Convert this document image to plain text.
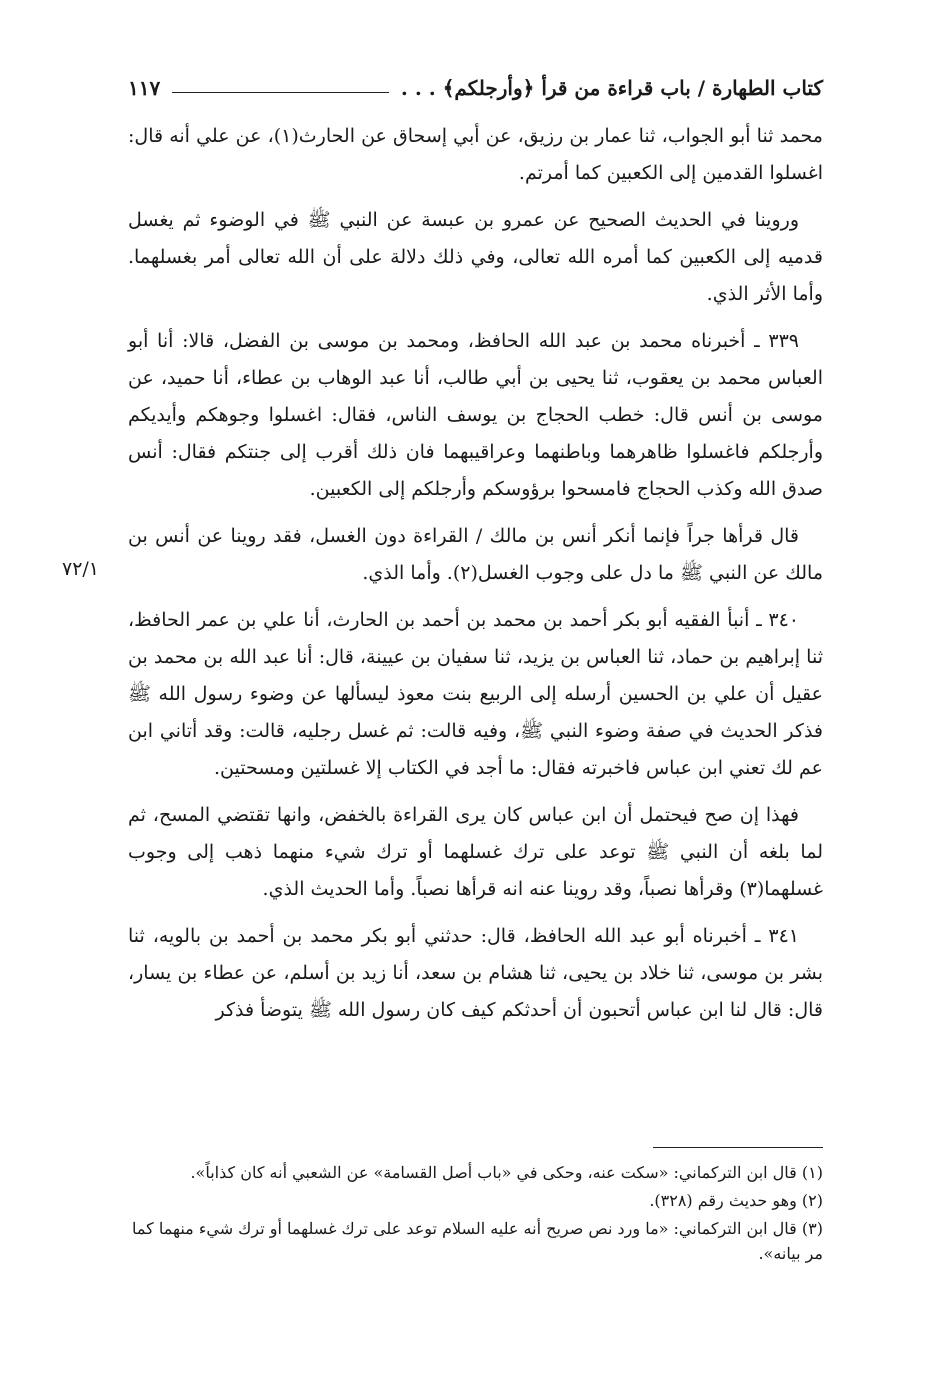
كتاب الطهارة / باب قراءة من قرأ ﴿وأرجلكم﴾ . . .
١١٧

محمد ثنا أبو الجواب، ثنا عمار بن رزيق، عن أبي إسحاق عن الحارث(١)، عن علي أنه قال: اغسلوا القدمين إلى الكعبين كما أمرتم.

وروينا في الحديث الصحيح عن عمرو بن عبسة عن النبي ﷺ في الوضوء ثم يغسل قدميه إلى الكعبين كما أمره الله تعالى، وفي ذلك دلالة على أن الله تعالى أمر بغسلهما. وأما الأثر الذي.

٣٣٩ ـ أخبرناه محمد بن عبد الله الحافظ، ومحمد بن موسى بن الفضل، قالا: أنا أبو العباس محمد بن يعقوب، ثنا يحيى بن أبي طالب، أنا عبد الوهاب بن عطاء، أنا حميد، عن موسى بن أنس قال: خطب الحجاج بن يوسف الناس، فقال: اغسلوا وجوهكم وأيديكم وأرجلكم فاغسلوا ظاهرهما وباطنهما وعراقيبهما فان ذلك أقرب إلى جنتكم فقال: أنس صدق الله وكذب الحجاج فامسحوا برؤوسكم وأرجلكم إلى الكعبين.

قال قرأها جراً فإنما أنكر أنس بن مالك / القراءة دون الغسل، فقد روينا عن أنس بن مالك عن النبي ﷺ ما دل على وجوب الغسل(٢). وأما الذي.

٣٤٠ ـ أنبأ الفقيه أبو بكر أحمد بن محمد بن أحمد بن الحارث، أنا علي بن عمر الحافظ، ثنا إبراهيم بن حماد، ثنا العباس بن يزيد، ثنا سفيان بن عيينة، قال: أنا عبد الله بن محمد بن عقيل أن علي بن الحسين أرسله إلى الربيع بنت معوذ ليسألها عن وضوء رسول الله ﷺ فذكر الحديث في صفة وضوء النبي ﷺ، وفيه قالت: ثم غسل رجليه، قالت: وقد أتاني ابن عم لك تعني ابن عباس فاخبرته فقال: ما أجد في الكتاب إلا غسلتين ومسحتين.

فهذا إن صح فيحتمل أن ابن عباس كان يرى القراءة بالخفض، وانها تقتضي المسح، ثم لما بلغه أن النبي ﷺ توعد على ترك غسلهما أو ترك شيء منهما ذهب إلى وجوب غسلهما(٣) وقرأها نصباً، وقد روينا عنه انه قرأها نصباً. وأما الحديث الذي.

٣٤١ ـ أخبرناه أبو عبد الله الحافظ، قال: حدثني أبو بكر محمد بن أحمد بن بالويه، ثنا بشر بن موسى، ثنا خلاد بن يحيى، ثنا هشام بن سعد، أنا زيد بن أسلم، عن عطاء بن يسار، قال: قال لنا ابن عباس أتحبون أن أحدثكم كيف كان رسول الله ﷺ يتوضأ فذكر

٧٢/١
(١) قال ابن التركماني: «سكت عنه، وحكى في «باب أصل القسامة» عن الشعبي أنه كان كذاباً».
(٢) وهو حديث رقم (٣٢٨).
(٣) قال ابن التركماني: «ما ورد نص صريح أنه عليه السلام توعد على ترك غسلهما أو ترك شيء منهما كما مر بيانه».
